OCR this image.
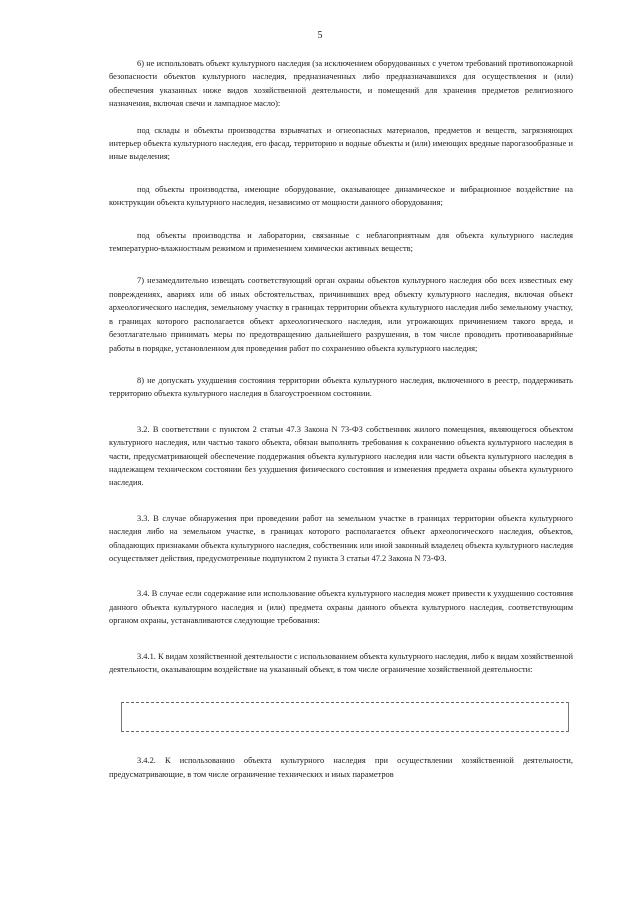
5

6) не использовать объект культурного наследия (за исключением оборудованных с учетом требований противопожарной безопасности объектов культурного наследия, предназначенных либо предназначавшихся для осуществления и (или) обеспечения указанных ниже видов хозяйственной деятельности, и помещений для хранения предметов религиозного назначения, включая свечи и лампадное масло):

под склады и объекты производства взрывчатых и огнеопасных материалов, предметов и веществ, загрязняющих интерьер объекта культурного наследия, его фасад, территорию и водные объекты и (или) имеющих вредные парогазообразные и иные выделения;

под объекты производства, имеющие оборудование, оказывающее динамическое и вибрационное воздействие на конструкции объекта культурного наследия, независимо от мощности данного оборудования;

под объекты производства и лаборатории, связанные с неблагоприятным для объекта культурного наследия температурно-влажностным режимом и применением химически активных веществ;

7) незамедлительно извещать соответствующий орган охраны объектов культурного наследия обо всех известных ему повреждениях, авариях или об иных обстоятельствах, причинивших вред объекту культурного наследия, включая объект археологического наследия, земельному участку в границах территории объекта культурного наследия либо земельному участку, в границах которого располагается объект археологического наследия, или угрожающих причинением такого вреда, и безотлагательно принимать меры по предотвращению дальнейшего разрушения, в том числе проводить противоаварийные работы в порядке, установленном для проведения работ по сохранению объекта культурного наследия;

8) не допускать ухудшения состояния территории объекта культурного наследия, включенного в реестр, поддерживать территорию объекта культурного наследия в благоустроенном состоянии.

3.2. В соответствии с пунктом 2 статьи 47.3 Закона N 73-ФЗ собственник жилого помещения, являющегося объектом культурного наследия, или частью такого объекта, обязан выполнять требования к сохранению объекта культурного наследия в части, предусматривающей обеспечение поддержания объекта культурного наследия или части объекта культурного наследия в надлежащем техническом состоянии без ухудшения физического состояния и изменения предмета охраны объекта культурного наследия.

3.3. В случае обнаружения при проведении работ на земельном участке в границах территории объекта культурного наследия либо на земельном участке, в границах которого располагается объект археологического наследия, объектов, обладающих признаками объекта культурного наследия, собственник или иной законный владелец объекта культурного наследия осуществляет действия, предусмотренные подпунктом 2 пункта 3 статьи 47.2 Закона N 73-ФЗ.

3.4. В случае если содержание или использование объекта культурного наследия может привести к ухудшению состояния данного объекта культурного наследия и (или) предмета охраны данного объекта культурного наследия, соответствующим органом охраны, устанавливаются следующие требования:

3.4.1. К видам хозяйственной деятельности с использованием объекта культурного наследия, либо к видам хозяйственной деятельности, оказывающим воздействие на указанный объект, в том числе ограничение хозяйственной деятельности:

3.4.2. К использованию объекта культурного наследия при осуществлении хозяйственной деятельности, предусматривающие, в том числе ограничение технических и иных параметров
